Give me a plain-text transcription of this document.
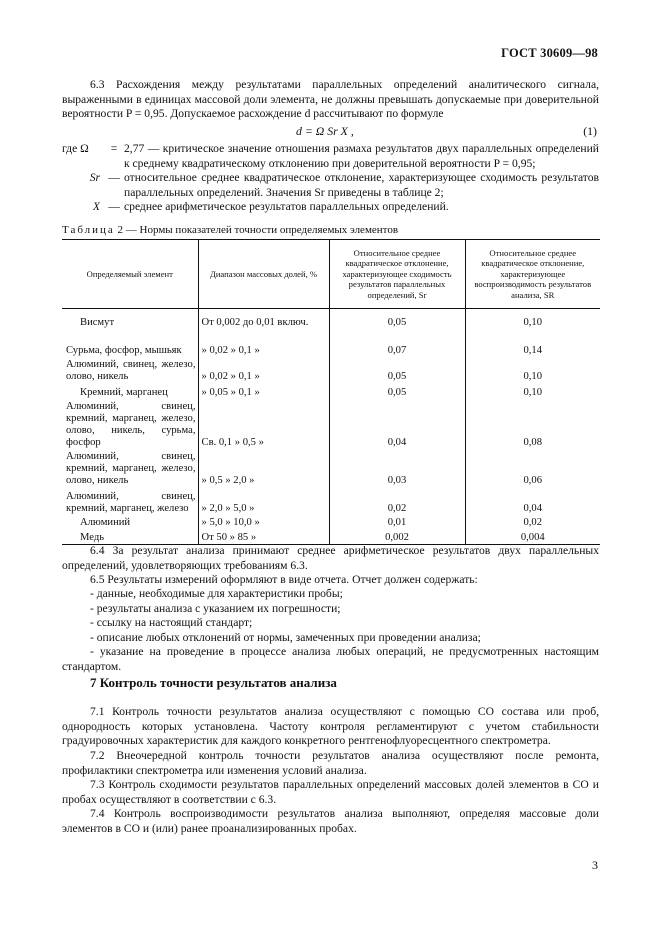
ГОСТ 30609—98
6.3 Расхождения между результатами параллельных определений аналитического сигнала, выраженными в единицах массовой доли элемента, не должны превышать допускаемые при доверительной вероятности P = 0,95. Допускаемое расхождение d рассчитывают по формуле
d = Ω Sr X ,	(1)
где Ω	= 2,77 — критическое значение отношения размаха результатов двух параллельных определений к среднему квадратическому отклонению при доверительной вероятности P = 0,95;
Sr — относительное среднее квадратическое отклонение, характеризующее сходимость результатов параллельных определений. Значения Sr приведены в таблице 2;
X — среднее арифметическое результатов параллельных определений.
Таблица 2 — Нормы показателей точности определяемых элементов
Определяемый элемент	Диапазон массовых долей, %	Относительное среднее квадратическое отклонение, характеризующее сходимость результатов параллельных определений, Sr	Относительное среднее квадратическое отклонение, характеризующее воспроизводимость результатов анализа, SR
Висмут	От 0,002 до 0,01 включ.	0,05	0,10
Сурьма, фосфор, мышьяк	» 0,02 » 0,1 »	0,07	0,14
Алюминий, свинец, железо, олово, никель	» 0,02 » 0,1 »	0,05	0,10
Кремний, марганец	» 0,05 » 0,1 »	0,05	0,10
Алюминий, свинец, кремний, марганец, железо, олово, никель, сурьма, фосфор	Св. 0,1 » 0,5 »	0,04	0,08
Алюминий, свинец, кремний, марганец, железо, олово, никель	» 0,5 » 2,0 »	0,03	0,06
Алюминий, свинец, кремний, марганец, железо	» 2,0 » 5,0 »	0,02	0,04
Алюминий	» 5,0 » 10,0 »	0,01	0,02
Медь	От 50 » 85 »	0,002	0,004
6.4 За результат анализа принимают среднее арифметическое результатов двух параллельных определений, удовлетворяющих требованиям 6.3.
6.5 Результаты измерений оформляют в виде отчета. Отчет должен содержать:
- данные, необходимые для характеристики пробы;
- результаты анализа с указанием их погрешности;
- ссылку на настоящий стандарт;
- описание любых отклонений от нормы, замеченных при проведении анализа;
- указание на проведение в процессе анализа любых операций, не предусмотренных настоящим стандартом.
7 Контроль точности результатов анализа
7.1 Контроль точности результатов анализа осуществляют с помощью СО состава или проб, однородность которых установлена. Частоту контроля регламентируют с учетом стабильности градуировочных характеристик для каждого конкретного рентгенофлуоресцентного спектрометра.
7.2 Внеочередной контроль точности результатов анализа осуществляют после ремонта, профилактики спектрометра или изменения условий анализа.
7.3 Контроль сходимости результатов параллельных определений массовых долей элементов в СО и пробах осуществляют в соответствии с 6.3.
7.4 Контроль воспроизводимости результатов анализа выполняют, определяя массовые доли элементов в СО и (или) ранее проанализированных пробах.
3
